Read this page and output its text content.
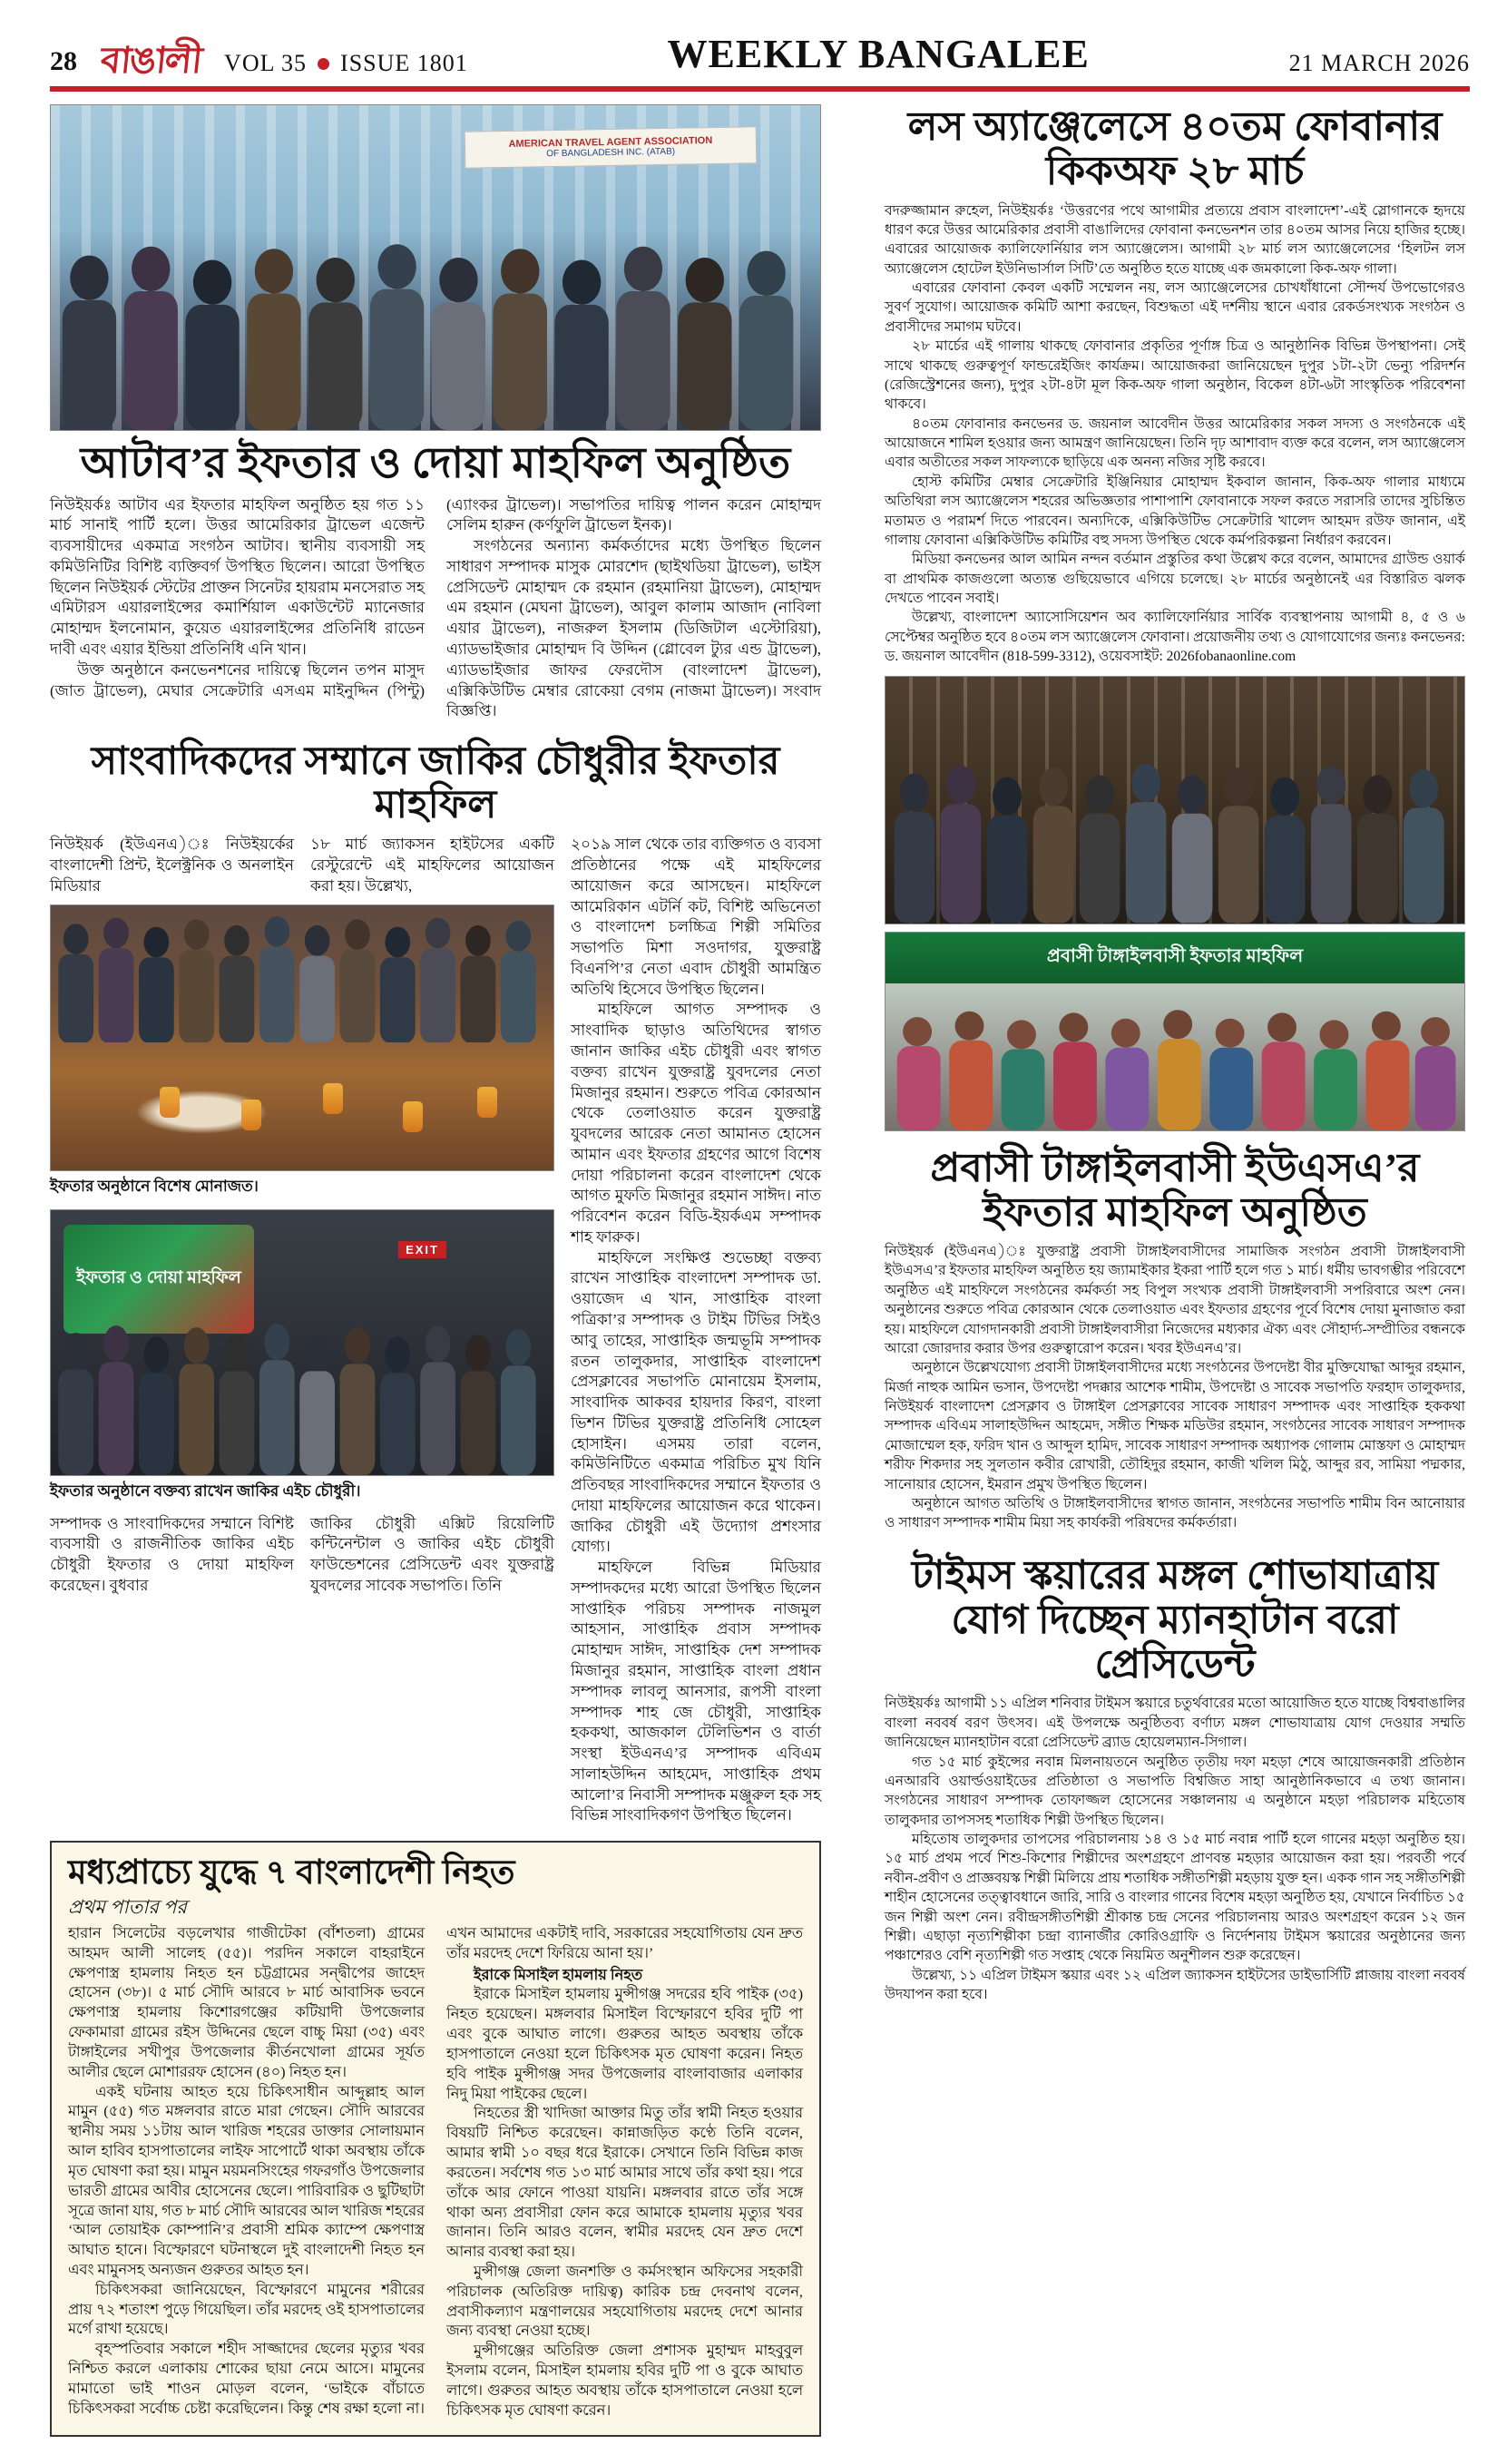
28 বাঙালী VOL 35 ISSUE 1801	WEEKLY BANGALEE	21 MARCH 2026
AMERICAN TRAVEL AGENT ASSOCIATION
OF BANGLADESH INC. (ATAB)
আটাব’র ইফতার ও দোয়া মাহফিল অনুষ্ঠিত

নিউইয়র্কঃ আটাব এর ইফতার মাহফিল অনুষ্ঠিত হয় গত ১১ মার্চ সানাই পার্টি হলে। উত্তর আমেরিকার ট্রাভেল এজেন্ট ব্যবসায়ীদের একমাত্র সংগঠন আটাব। স্থানীয় ব্যবসায়ী সহ কমিউনিটির বিশিষ্ট ব্যক্তিবর্গ উপস্থিত ছিলেন। আরো উপস্থিত ছিলেন নিউইয়র্ক স্টেটের প্রাক্তন সিনেটর হায়রাম মনসেরাত সহ এমিটারস এয়ারলাইন্সের কমার্শিয়াল একাউন্টেট ম্যানেজার মোহাম্মদ ইলনোমান, কুয়েত এয়ারলাইন্সের প্রতিনিধি রাডেন দাবী এবং এয়ার ইন্ডিয়া প্রতিনিধি এনি খান।

উক্ত অনুষ্ঠানে কনভেনশনের দায়িত্বে ছিলেন তপন মাসুদ (জাত ট্রাভেল), মেঘার সেক্রেটারি এসএম মাইনুদ্দিন (পিন্টু) (এ্যাংকর ট্রাভেল)। সভাপতির দায়িত্ব পালন করেন মোহাম্মদ সেলিম হারুন (কর্ণফুলি ট্রাভেল ইনক)।

সংগঠনের অন্যান্য কর্মকর্তাদের মধ্যে উপস্থিত ছিলেন সাধারণ সম্পাদক মাসুক মোরশেদ (ছাইথডিয়া ট্রাভেল), ভাইস প্রেসিডেন্ট মোহাম্মদ কে রহমান (রহমানিয়া ট্রাভেল), মোহাম্মদ এম রহমান (মেঘনা ট্রাভেল), আবুল কালাম আজাদ (নাবিলা এয়ার ট্রাভেল), নাজরুল ইসলাম (ডিজিটাল এস্টোরিয়া), এ্যাডভাইজার মোহাম্মদ বি উদ্দিন (গ্লোবেল ট্যুর এন্ড ট্রাভেল), এ্যাডভাইজার জাফর ফেরদৌস (বাংলাদেশ ট্রাভেল), এক্সিকিউটিভ মেম্বার রোকেয়া বেগম (নাজমা ট্রাভেল)। সংবাদ বিজ্ঞপ্তি।

সাংবাদিকদের সম্মানে জাকির চৌধুরীর ইফতার মাহফিল

নিউইয়র্ক (ইউএনএ)ঃ নিউইয়র্কের বাংলাদেশী প্রিন্ট, ইলেক্ট্রনিক ও অনলাইন মিডিয়ার

১৮ মার্চ জ্যাকসন হাইটসের একটি রেস্টুরেন্টে এই মাহফিলের আয়োজন করা হয়। উল্লেখ্য,

ইফতার অনুষ্ঠানে বিশেষ মোনাজত।
ইফতার ও দোয়া মাহফিল
EXIT
ইফতার অনুষ্ঠানে বক্তব্য রাখেন জাকির এইচ চৌধুরী।

সম্পাদক ও সাংবাদিকদের সম্মানে বিশিষ্ট ব্যবসায়ী ও রাজনীতিক জাকির এইচ চৌধুরী ইফতার ও দোয়া মাহফিল করেছেন। বুধবার

জাকির চৌধুরী এক্সিট রিয়েলিটি কন্টিনেন্টাল ও জাকির এইচ চৌধুরী ফাউন্ডেশনের প্রেসিডেন্ট এবং যুক্তরাষ্ট্র যুবদলের সাবেক সভাপতি। তিনি

২০১৯ সাল থেকে তার ব্যক্তিগত ও ব্যবসা প্রতিষ্ঠানের পক্ষে এই মাহফিলের আয়োজন করে আসছেন। মাহফিলে আমেরিকান এটর্নি কট, বিশিষ্ট অভিনেতা ও বাংলাদেশ চলচ্চিত্র শিল্পী সমিতির সভাপতি মিশা সওদাগর, যুক্তরাষ্ট্র বিএনপি’র নেতা এবাদ চৌধুরী আমন্ত্রিত অতিথি হিসেবে উপস্থিত ছিলেন।

মাহফিলে আগত সম্পাদক ও সাংবাদিক ছাড়াও অতিথিদের স্বাগত জানান জাকির এইচ চৌধুরী এবং স্বাগত বক্তব্য রাখেন যুক্তরাষ্ট্র যুবদলের নেতা মিজানুর রহমান। শুরুতে পবিত্র কোরআন থেকে তেলাওয়াত করেন যুক্তরাষ্ট্র যুবদলের আরেক নেতা আমানত হোসেন আমান এবং ইফতার গ্রহণের আগে বিশেষ দোয়া পরিচালনা করেন বাংলাদেশ থেকে আগত মুফতি মিজানুর রহমান সাঈদ। নাত পরিবেশন করেন বিডি-ইয়র্কএম সম্পাদক শাহ ফারুক।

মাহফিলে সংক্ষিপ্ত শুভেচ্ছা বক্তব্য রাখেন সাপ্তাহিক বাংলাদেশ সম্পাদক ডা. ওয়াজেদ এ খান, সাপ্তাহিক বাংলা পত্রিকা’র সম্পাদক ও টাইম টিভির সিইও আবু তাহের, সাপ্তাহিক জন্মভূমি সম্পাদক রতন তালুকদার, সাপ্তাহিক বাংলাদেশ প্রেসক্লাবের সভাপতি মোনায়েম ইসলাম, সাংবাদিক আকবর হায়দার কিরণ, বাংলা ভিশন টিভির যুক্তরাষ্ট্র প্রতিনিধি সোহেল হোসাইন। এসময় তারা বলেন, কমিউনিটিতে একমাত্র পরিচিত মুখ যিনি প্রতিবছর সাংবাদিকদের সম্মানে ইফতার ও দোয়া মাহফিলের আয়োজন করে থাকেন। জাকির চৌধুরী এই উদ্যোগ প্রশংসার যোগ্য।

মাহফিলে বিভিন্ন মিডিয়ার সম্পাদকদের মধ্যে আরো উপস্থিত ছিলেন সাপ্তাহিক পরিচয় সম্পাদক নাজমুল আহসান, সাপ্তাহিক প্রবাস সম্পাদক মোহাম্মদ সাঈদ, সাপ্তাহিক দেশ সম্পাদক মিজানুর রহমান, সাপ্তাহিক বাংলা প্রধান সম্পাদক লাবলু আনসার, রূপসী বাংলা সম্পাদক শাহ জে চৌধুরী, সাপ্তাহিক হককথা, আজকাল টেলিভিশন ও বার্তা সংস্থা ইউএনএ’র সম্পাদক এবিএম সালাহউদ্দিন আহমেদ, সাপ্তাহিক প্রথম আলো’র নিবাসী সম্পাদক মঞ্জুরুল হক সহ বিভিন্ন সাংবাদিকগণ উপস্থিত ছিলেন।

মধ্যপ্রাচ্যে যুদ্ধে ৭ বাংলাদেশী নিহত

প্রথম পাতার পর

হারান সিলেটের বড়লেখার গাজীটেকা (বাঁশতলা) গ্রামের আহমদ আলী সালেহ (৫৫)। পরদিন সকালে বাহরাইনে ক্ষেপণাস্ত্র হামলায় নিহত হন চট্টগ্রামের সন্দ্বীপের জাহেদ হোসেন (৩৮)। ৫ মার্চ সৌদি আরবে ৮ মার্চ আবাসিক ভবনে ক্ষেপণাস্ত্র হামলায় কিশোরগঞ্জের কটিয়াদী উপজেলার ফেকামারা গ্রামের রইস উদ্দিনের ছেলে বাচ্চু মিয়া (৩৫) এবং টাঙ্গাইলের সখীপুর উপজেলার কীর্তনখোলা গ্রামের সূর্যত আলীর ছেলে মোশাররফ হোসেন (৪০) নিহত হন।

একই ঘটনায় আহত হয়ে চিকিৎসাধীন আব্দুল্লাহ আল মামুন (৫৫) গত মঙ্গলবার রাতে মারা গেছেন। সৌদি আরবের স্থানীয় সময় ১১টায় আল খারিজ শহরের ডাক্তার সোলায়মান আল হাবিব হাসপাতালের লাইফ সাপোর্টে থাকা অবস্থায় তাঁকে মৃত ঘোষণা করা হয়। মামুন ময়মনসিংহের গফরগাঁও উপজেলার ভারতী গ্রামের আবীর হোসেনের ছেলে। পারিবারিক ও ছুটিছাটা সূত্রে জানা যায়, গত ৮ মার্চ সৌদি আরবের আল খারিজ শহরের ‘আল তোয়াইক কোম্পানি’র প্রবাসী শ্রমিক ক্যাম্পে ক্ষেপণাস্ত্র আঘাত হানে। বিস্ফোরণে ঘটনাস্থলে দুই বাংলাদেশী নিহত হন এবং মামুনসহ অন্যজন গুরুতর আহত হন।

চিকিৎসকরা জানিয়েছেন, বিস্ফোরণে মামুনের শরীরের প্রায় ৭২ শতাংশ পুড়ে গিয়েছিল। তাঁর মরদেহ ওই হাসপাতালের মর্গে রাখা হয়েছে।

বৃহস্পতিবার সকালে শহীদ সাজ্জাদের ছেলের মৃত্যুর খবর নিশ্চিত করলে এলাকায় শোকের ছায়া নেমে আসে। মামুনের মামাতো ভাই শাওন মোড়ল বলেন, ‘ভাইকে বাঁচাতে চিকিৎসকরা সর্বোচ্চ চেষ্টা করেছিলেন। কিন্তু শেষ রক্ষা হলো না। এখন আমাদের একটাই দাবি, সরকারের সহযোগিতায় যেন দ্রুত তাঁর মরদেহ দেশে ফিরিয়ে আনা হয়।’

ইরাকে মিসাইল হামলায় নিহত

ইরাকে মিসাইল হামলায় মুন্সীগঞ্জ সদরের হবি পাইক (৩৫) নিহত হয়েছেন। মঙ্গলবার মিসাইল বিস্ফোরণে হবির দুটি পা এবং বুকে আঘাত লাগে। গুরুতর আহত অবস্থায় তাঁকে হাসপাতালে নেওয়া হলে চিকিৎসক মৃত ঘোষণা করেন। নিহত হবি পাইক মুন্সীগঞ্জ সদর উপজেলার বাংলাবাজার এলাকার নিদু মিয়া পাইকের ছেলে।

নিহতের স্ত্রী খাদিজা আক্তার মিতু তাঁর স্বামী নিহত হওয়ার বিষয়টি নিশ্চিত করেছেন। কান্নাজড়িত কণ্ঠে তিনি বলেন, আমার স্বামী ১০ বছর ধরে ইরাকে। সেখানে তিনি বিভিন্ন কাজ করতেন। সর্বশেষ গত ১৩ মার্চ আমার সাথে তাঁর কথা হয়। পরে তাঁকে আর ফোনে পাওয়া যায়নি। মঙ্গলবার রাতে তাঁর সঙ্গে থাকা অন্য প্রবাসীরা ফোন করে আমাকে হামলায় মৃত্যুর খবর জানান। তিনি আরও বলেন, স্বামীর মরদেহ যেন দ্রুত দেশে আনার ব্যবস্থা করা হয়।

মুন্সীগঞ্জ জেলা জনশক্তি ও কর্মসংস্থান অফিসের সহকারী পরিচালক (অতিরিক্ত দায়িত্ব) কারিক চন্দ্র দেবনাথ বলেন, প্রবাসীকল্যাণ মন্ত্রণালয়ের সহযোগিতায় মরদেহ দেশে আনার জন্য ব্যবস্থা নেওয়া হচ্ছে।

মুন্সীগঞ্জের অতিরিক্ত জেলা প্রশাসক মুহাম্মদ মাহবুবুল ইসলাম বলেন, মিসাইল হামলায় হবির দুটি পা ও বুকে আঘাত লাগে। গুরুতর আহত অবস্থায় তাঁকে হাসপাতালে নেওয়া হলে চিকিৎসক মৃত ঘোষণা করেন।

লস অ্যাঞ্জেলেসে ৪০তম ফোবানার কিকঅফ ২৮ মার্চ

বদরুজ্জামান রুহেল, নিউইয়র্কঃ ‘উত্তরণের পথে আগামীর প্রত্যয়ে প্রবাস বাংলাদেশ’-এই স্লোগানকে হৃদয়ে ধারণ করে উত্তর আমেরিকার প্রবাসী বাঙালিদের ফোবানা কনভেনশন তার ৪০তম আসর নিয়ে হাজির হচ্ছে। এবারের আয়োজক ক্যালিফোর্নিয়ার লস অ্যাঞ্জেলেস। আগামী ২৮ মার্চ লস অ্যাঞ্জেলেসের ‘হিলটন লস অ্যাঞ্জেলেস হোটেল ইউনিভার্সাল সিটি’তে অনুষ্ঠিত হতে যাচ্ছে এক জমকালো কিক-অফ গালা।

এবারের ফোবানা কেবল একটি সম্মেলন নয়, লস অ্যাঞ্জেলেসের চোখধাঁধানো সৌন্দর্য উপভোগেরও সুবর্ণ সুযোগ। আয়োজক কমিটি আশা করছেন, বিশুদ্ধতা এই দর্শনীয় স্থানে এবার রেকর্ডসংখ্যক সংগঠন ও প্রবাসীদের সমাগম ঘটবে।

২৮ মার্চের এই গালায় থাকছে ফোবানার প্রকৃতির পূর্ণাঙ্গ চিত্র ও আনুষ্ঠানিক বিভিন্ন উপস্থাপনা। সেই সাথে থাকছে গুরুত্বপূর্ণ ফান্ডরেইজিং কার্যক্রম। আয়োজকরা জানিয়েছেন দুপুর ১টা-২টা ভেন্যু পরিদর্শন (রেজিস্ট্রেশনের জন্য), দুপুর ২টা-৪টা মূল কিক-অফ গালা অনুষ্ঠান, বিকেল ৪টা-৬টা সাংস্কৃতিক পরিবেশনা থাকবে।

৪০তম ফোবানার কনভেনর ড. জয়নাল আবেদীন উত্তর আমেরিকার সকল সদস্য ও সংগঠনকে এই আয়োজনে শামিল হওয়ার জন্য আমন্ত্রণ জানিয়েছেন। তিনি দৃঢ় আশাবাদ ব্যক্ত করে বলেন, লস অ্যাঞ্জেলেস এবার অতীতের সকল সাফল্যকে ছাড়িয়ে এক অনন্য নজির সৃষ্টি করবে।

হোস্ট কমিটির মেম্বার সেক্রেটারি ইঞ্জিনিয়ার মোহাম্মদ ইকবাল জানান, কিক-অফ গালার মাধ্যমে অতিথিরা লস অ্যাঞ্জেলেস শহরের অভিজ্ঞতার পাশাপাশি ফোবানাকে সফল করতে সরাসরি তাদের সুচিন্তিত মতামত ও পরামর্শ দিতে পারবেন। অন্যদিকে, এক্সিকিউটিভ সেক্রেটারি খালেদ আহমদ রউফ জানান, এই গালায় ফোবানা এক্সিকিউটিভ কমিটির বহু সদস্য উপস্থিত থেকে কর্মপরিকল্পনা নির্ধারণ করবেন।

মিডিয়া কনভেনর আল আমিন নন্দন বর্তমান প্রস্তুতির কথা উল্লেখ করে বলেন, আমাদের গ্রাউন্ড ওয়ার্ক বা প্রাথমিক কাজগুলো অত্যন্ত গুছিয়েভাবে এগিয়ে চলেছে। ২৮ মার্চের অনুষ্ঠানেই এর বিস্তারিত ঝলক দেখতে পাবেন সবাই।

উল্লেখ্য, বাংলাদেশ অ্যাসোসিয়েশন অব ক্যালিফোর্নিয়ার সার্বিক ব্যবস্থাপনায় আগামী ৪, ৫ ও ৬ সেপ্টেম্বর অনুষ্ঠিত হবে ৪০তম লস অ্যাঞ্জেলেস ফোবানা। প্রয়োজনীয় তথ্য ও যোগাযোগের জন্যঃ কনভেনর: ড. জয়নাল আবেদীন (818-599-3312), ওয়েবসাইট: 2026fobanaonline.com

প্রবাসী টাঙ্গাইলবাসী ইফতার মাহফিল
প্রবাসী টাঙ্গাইলবাসী ইউএসএ’র ইফতার মাহফিল অনুষ্ঠিত

নিউইয়র্ক (ইউএনএ)ঃ যুক্তরাষ্ট্র প্রবাসী টাঙ্গাইলবাসীদের সামাজিক সংগঠন প্রবাসী টাঙ্গাইলবাসী ইউএসএ’র ইফতার মাহফিল অনুষ্ঠিত হয় জ্যামাইকার ইকরা পার্টি হলে গত ১ মার্চ। ধর্মীয় ভাবগম্ভীর পরিবেশে অনুষ্ঠিত এই মাহফিলে সংগঠনের কর্মকর্তা সহ বিপুল সংখ্যক প্রবাসী টাঙ্গাইলবাসী সপরিবারে অংশ নেন। অনুষ্ঠানের শুরুতে পবিত্র কোরআন থেকে তেলাওয়াত এবং ইফতার গ্রহণের পূর্বে বিশেষ দোয়া মুনাজাত করা হয়। মাহফিলে যোগদানকারী প্রবাসী টাঙ্গাইলবাসীরা নিজেদের মধ্যকার ঐক্য এবং সৌহার্দ্য-সম্প্রীতির বন্ধনকে আরো জোরদার করার উপর গুরুত্বারোপ করেন। খবর ইউএনএ’র।

অনুষ্ঠানে উল্লেখযোগ্য প্রবাসী টাঙ্গাইলবাসীদের মধ্যে সংগঠনের উপদেষ্টা বীর মুক্তিযোদ্ধা আব্দুর রহমান, মির্জা নাহুক আমিন ভসান, উপদেষ্টা পদক্কার আশেক শামীম, উপদেষ্টা ও সাবেক সভাপতি ফরহাদ তালুকদার, নিউইয়র্ক বাংলাদেশ প্রেসক্লাব ও টাঙ্গাইল প্রেসক্লাবের সাবেক সাধারণ সম্পাদক এবং সাপ্তাহিক হককথা সম্পাদক এবিএম সালাহউদ্দিন আহমেদ, সঙ্গীত শিক্ষক মডিউর রহমান, সংগঠনের সাবেক সাধারণ সম্পাদক মোজাম্মেল হক, ফরিদ খান ও আব্দুল হামিদ, সাবেক সাধারণ সম্পাদক অধ্যাপক গোলাম মোস্তফা ও মোহাম্মদ শরীফ শিকদার সহ সুলতান কবীর রোখারী, তৌহিদুর রহমান, কাজী খলিল মিঠু, আব্দুর রব, সামিয়া পদ্মকার, সানোয়ার হোসেন, ইমরান প্রমুখ উপস্থিত ছিলেন।

অনুষ্ঠানে আগত অতিথি ও টাঙ্গাইলবাসীদের স্বাগত জানান, সংগঠনের সভাপতি শামীম বিন আনোয়ার ও সাধারণ সম্পাদক শামীম মিয়া সহ কার্যকরী পরিষদের কর্মকর্তারা।

টাইমস স্কয়ারের মঙ্গল শোভাযাত্রায় যোগ দিচ্ছেন ম্যানহাটান বরো প্রেসিডেন্ট

নিউইয়র্কঃ আগামী ১১ এপ্রিল শনিবার টাইমস স্কয়ারে চতুর্থবারের মতো আয়োজিত হতে যাচ্ছে বিশ্ববাঙালির বাংলা নববর্ষ বরণ উৎসব। এই উপলক্ষে অনুষ্ঠিতব্য বর্ণাঢ্য মঙ্গল শোভাযাত্রায় যোগ দেওয়ার সম্মতি জানিয়েছেন ম্যানহাটান বরো প্রেসিডেন্ট ব্র্যাড হোয়েলম্যান-সিগাল।

গত ১৫ মার্চ কুইন্সের নবান্ন মিলনায়তনে অনুষ্ঠিত তৃতীয় দফা মহড়া শেষে আয়োজনকারী প্রতিষ্ঠান এনআরবি ওয়ার্ল্ডওয়াইডের প্রতিষ্ঠাতা ও সভাপতি বিশ্বজিত সাহা আনুষ্ঠানিকভাবে এ তথ্য জানান। সংগঠনের সাধারণ সম্পাদক তোফাজ্জল হোসেনের সঞ্চালনায় এ অনুষ্ঠানে মহড়া পরিচালক মহিতোষ তালুকদার তাপসসহ শতাধিক শিল্পী উপস্থিত ছিলেন।

মহিতোষ তালুকদার তাপসের পরিচালনায় ১৪ ও ১৫ মার্চ নবান্ন পার্টি হলে গানের মহড়া অনুষ্ঠিত হয়। ১৫ মার্চ প্রথম পর্বে শিশু-কিশোর শিল্পীদের অংশগ্রহণে প্রাণবন্ত মহড়ার আয়োজন করা হয়। পরবর্তী পর্বে নবীন-প্রবীণ ও প্রাজ্ঞবয়স্ক শিল্পী মিলিয়ে প্রায় শতাধিক সঙ্গীতশিল্পী মহড়ায় যুক্ত হন। একক গান সহ সঙ্গীতশিল্পী শাহীন হোসেনের তত্ত্বাবধানে জারি, সারি ও বাংলার গানের বিশেষ মহড়া অনুষ্ঠিত হয়, যেখানে নির্বাচিত ১৫ জন শিল্পী অংশ নেন। রবীন্দ্রসঙ্গীতশিল্পী শ্রীকান্ত চন্দ্র সেনের পরিচালনায় আরও অংশগ্রহণ করেন ১২ জন শিল্পী। এছাড়া নৃত্যশিল্পীকা চন্দ্রা ব্যানার্জীর কোরিওগ্রাফি ও নির্দেশনায় টাইমস স্কয়ারের অনুষ্ঠানের জন্য পঞ্চাশেরও বেশি নৃত্যশিল্পী গত সপ্তাহ থেকে নিয়মিত অনুশীলন শুরু করেছেন।

উল্লেখ্য, ১১ এপ্রিল টাইমস স্কয়ার এবং ১২ এপ্রিল জ্যাকসন হাইটসের ডাইভার্সিটি প্লাজায় বাংলা নববর্ষ উদযাপন করা হবে।
